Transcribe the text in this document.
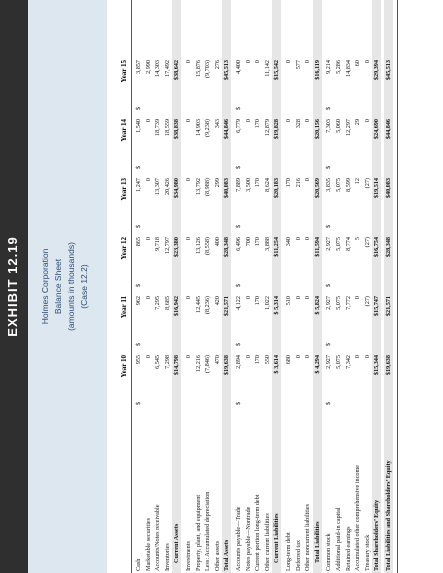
EXHIBIT 12.19 Holmes Corporation Balance Sheet (amounts in thousands) (Case 12.2)
Year 10
Year 11
Year 12
Year 13
Year 14
Year 15
Cash
$
955
$
962
$
865
$
1,247
$
1,540
$
3,857
Marketable securities
0
0
0
0
0
2,990
Accounts/Notes receivable
6,545
7,295
9,718
13,307
18,739
14,303
Inventories
7,298
8,685
12,797
20,426
18,559
17,492
Current Assets
$14,798
$16,942
$23,380
$34,980
$38,838
$38,642
Investments
0
0
0
0
0
0
Property, plant, and equipment
12,216
12,445
13,126
13,792
14,903
15,876
Less: Accumulated depreciation
(7,846)
(8,236)
(8,558)
(8,988)
(9,238)
(9,703)
Other assets
470
420
400
299
343
276
Total Assets
$19,638
$21,571
$28,348
$40,083
$44,846
$45,513
Accounts payable—Trade
$
2,894
$
4,122
$
6,496
$
7,889
$
6,779
$
4,400
Notes payable—Nontrade
0
0
700
3,500
0
0
Current portion long-term debt
170
170
170
170
170
0
Other current liabilities
550
1,022
3,888
8,624
12,879
11,142
Current Liabilities
$ 3,614
$ 5,314
$11,254
$20,183
$19,828
$15,542
Long-term debt
680
510
340
170
0
0
Deferred tax
0
0
0
216
328
577
Other noncurrent liabilities
0
0
0
0
0
0
Total Liabilities
$ 4,294
$ 5,824
$11,594
$20,569
$20,156
$16,119
Common stock
$
2,927
$
2,927
$
2,927
$
3,835
$
7,303
$
9,214
Additional paid-in capital
5,075
5,075
5,075
5,075
5,060
5,286
Retained earnings
7,342
7,772
8,774
8,599
12,297
14,834
Accumulated other comprehensive income
0
0
5
12
29
60
Treasury stock
0
(27)
(27)
(27)
0
0
Total Shareholders’ Equity
$15,344
$15,747
$16,754
$19,514
$24,690
$29,394
Total Liabilities and Shareholders’ Equity
$19,638
$21,571
$28,348
$40,083
$44,846
$45,513
